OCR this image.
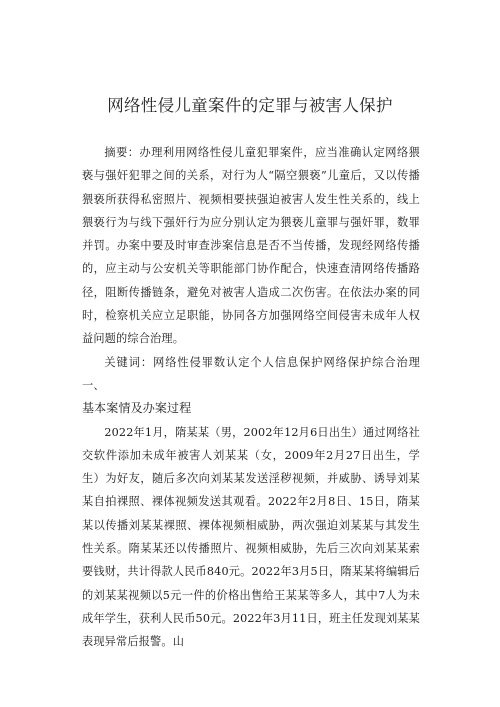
网络性侵儿童案件的定罪与被害人保护

摘要：办理利用网络性侵儿童犯罪案件，应当准确认定网络猥亵与强奸犯罪之间的关系，对行为人“隔空猥亵”儿童后，又以传播猥亵所获得私密照片、视频相要挟强迫被害人发生性关系的，线上猥亵行为与线下强奸行为应分别认定为猥亵儿童罪与强奸罪，数罪并罚。办案中要及时审查涉案信息是否不当传播，发现经网络传播的，应主动与公安机关等职能部门协作配合，快速查清网络传播路径，阻断传播链条，避免对被害人造成二次伤害。在依法办案的同时，检察机关应立足职能，协同各方加强网络空间侵害未成年人权益问题的综合治理。

关键词：网络性侵罪数认定个人信息保护网络保护综合治理一、

基本案情及办案过程

2022年1月，隋某某（男，2002年12月6日出生）通过网络社交软件添加未成年被害人刘某某（女，2009年2月27日出生，学生）为好友，随后多次向刘某某发送淫秽视频，并威胁、诱导刘某某自拍裸照、裸体视频发送其观看。2022年2月8日、15日，隋某某以传播刘某某裸照、裸体视频相威胁，两次强迫刘某某与其发生性关系。隋某某还以传播照片、视频相威胁，先后三次向刘某某索要钱财，共计得款人民币840元。2022年3月5日，隋某某将编辑后的刘某某视频以5元一件的价格出售给王某某等多人，其中7人为未成年学生，获利人民币50元。2022年3月11日，班主任发现刘某某表现异常后报警。山
